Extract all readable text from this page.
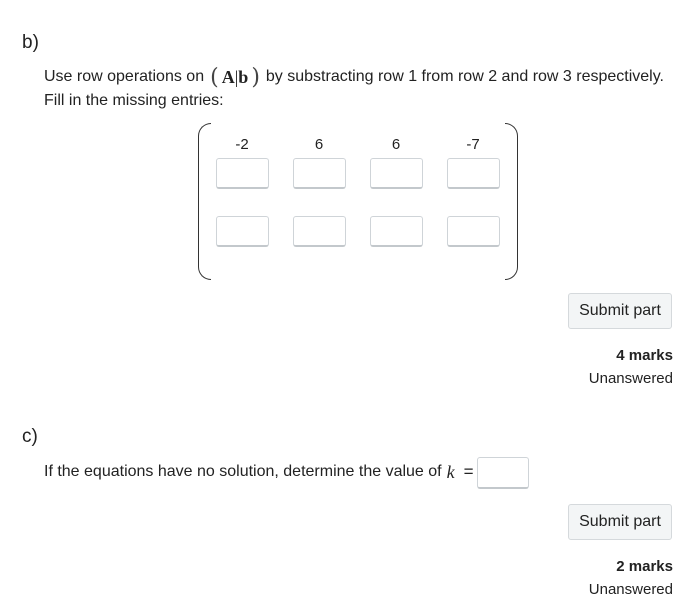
b)
Use row operations on ( A | b ) by substracting row 1 from row 2 and row 3 respectively.
Fill in the missing entries:
-2	6	6	-7
Submit part
4 marks
Unanswered
c)
If the equations have no solution, determine the value of k =
Submit part
2 marks
Unanswered
